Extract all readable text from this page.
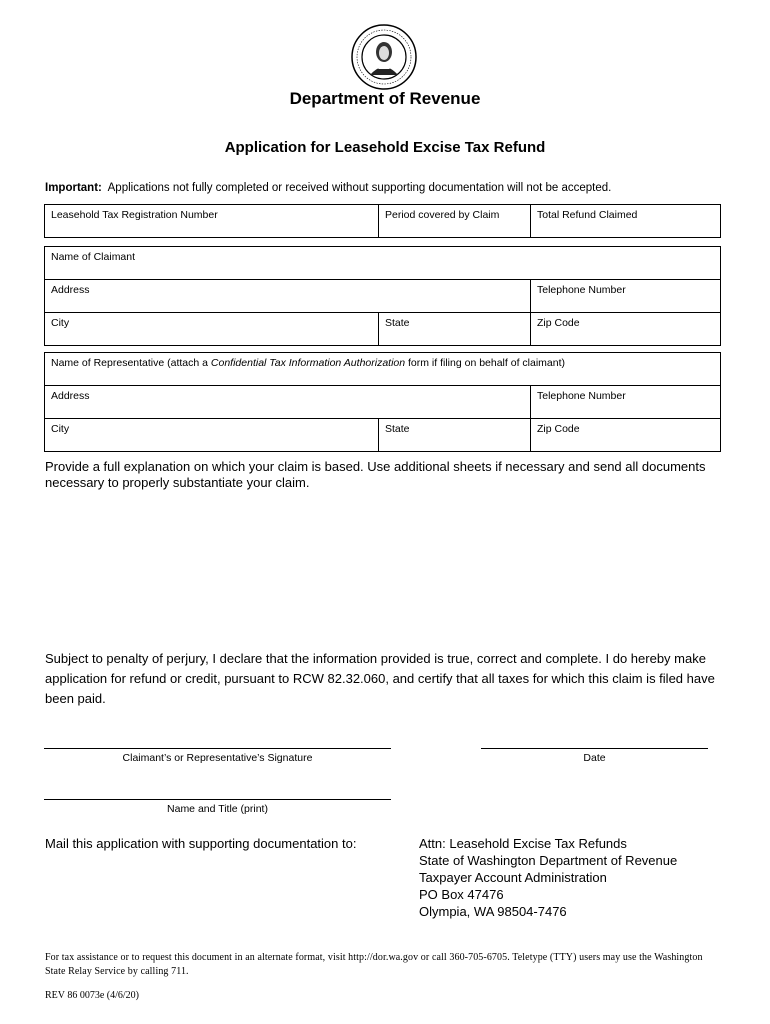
Department of Revenue
Application for Leasehold Excise Tax Refund
Important: Applications not fully completed or received without supporting documentation will not be accepted.
Leasehold Tax Registration Number	Period covered by Claim	Total Refund Claimed
Name of Claimant		
Address		Telephone Number
City	State	Zip Code
Name of Representative (attach a Confidential Tax Information Authorization form if filing on behalf of claimant)		
Address		Telephone Number
City	State	Zip Code
Provide a full explanation on which your claim is based. Use additional sheets if necessary and send all documents necessary to properly substantiate your claim.
Subject to penalty of perjury, I declare that the information provided is true, correct and complete. I do hereby make application for refund or credit, pursuant to RCW 82.32.060, and certify that all taxes for which this claim is filed have been paid.
Claimant’s or Representative’s Signature	Date
Name and Title (print)
Mail this application with supporting documentation to:	Attn: Leasehold Excise Tax Refunds
State of Washington Department of Revenue
Taxpayer Account Administration
PO Box 47476
Olympia, WA 98504-7476
For tax assistance or to request this document in an alternate format, visit http://dor.wa.gov or call 360-705-6705. Teletype (TTY) users may use the Washington State Relay Service by calling 711.
REV 86 0073e (4/6/20)
